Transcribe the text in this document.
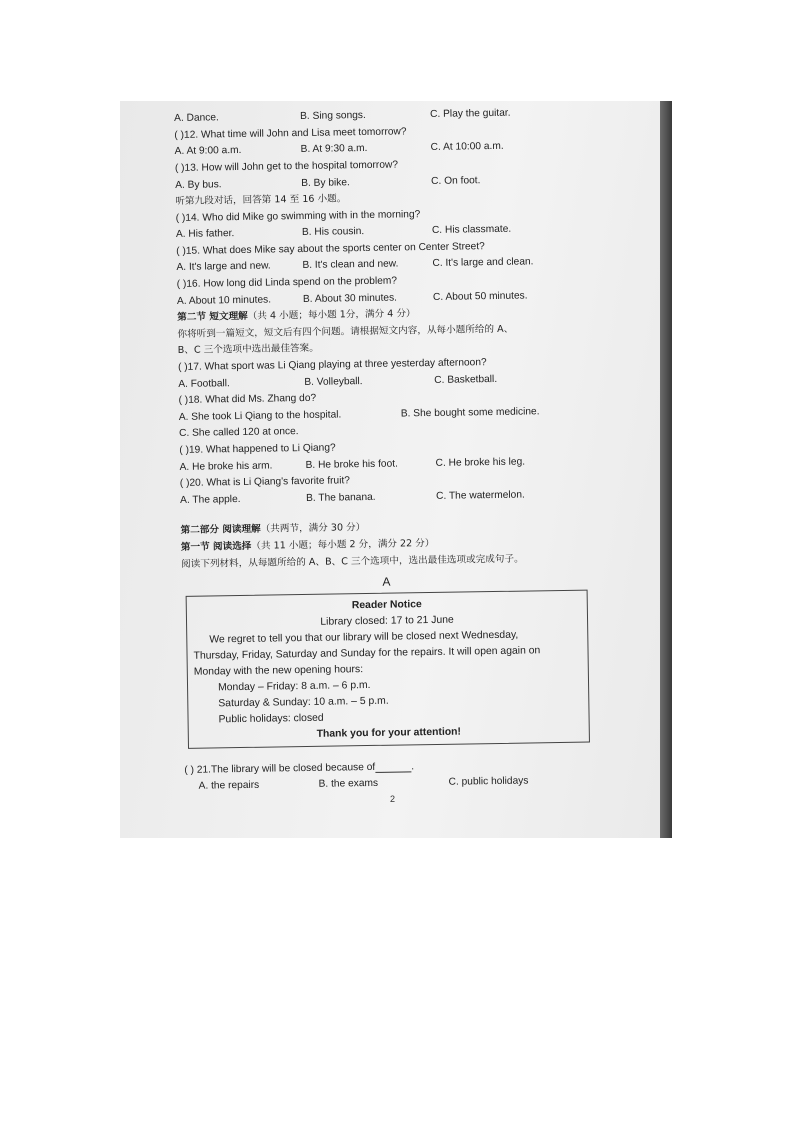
A. Dance.	B. Sing songs.	C. Play the guitar.
( )12. What time will John and Lisa meet tomorrow?
A. At 9:00 a.m.	B. At 9:30 a.m.	C. At 10:00 a.m.
( )13. How will John get to the hospital tomorrow?
A. By bus.	B. By bike.	C. On foot.
听第九段对话，回答第 14 至 16 小题。
( )14. Who did Mike go swimming with in the morning?
A. His father.	B. His cousin.	C. His classmate.
( )15. What does Mike say about the sports center on Center Street?
A. It's large and new.	B. It's clean and new.	C. It's large and clean.
( )16. How long did Linda spend on the problem?
A. About 10 minutes.	B. About 30 minutes.	C. About 50 minutes.
第二节 短文理解 （共 4 小题；每小题 1分，满分 4 分）
你将听到一篇短文，短文后有四个问题。请根据短文内容，从每小题所给的 A、
B、C 三个选项中选出最佳答案。
( )17. What sport was Li Qiang playing at three yesterday afternoon?
A. Football.	B. Volleyball.	C. Basketball.
( )18. What did Ms. Zhang do?
A. She took Li Qiang to the hospital.	B. She bought some medicine.
C. She called 120 at once.
( )19. What happened to Li Qiang?
A. He broke his arm.	B. He broke his foot.	C. He broke his leg.
( )20. What is Li Qiang's favorite fruit?
A. The apple.	B. The banana.	C. The watermelon.
第二部分 阅读理解 （共两节，满分 30 分）
第一节 阅读选择 （共 11 小题；每小题 2 分，满分 22 分）
阅读下列材料，从每题所给的 A、B、C 三个选项中，选出最佳选项或完成句子。
A
Reader Notice
Library closed: 17 to 21 June
We regret to tell you that our library will be closed next Wednesday,
Thursday, Friday, Saturday and Sunday for the repairs. It will open again on
Monday with the new opening hours:
Monday – Friday: 8 a.m. – 6 p.m.
Saturday & Sunday: 10 a.m. – 5 p.m.
Public holidays: closed
Thank you for your attention!
( ) 21.The library will be closed because of	.
A. the repairs	B. the exams	C. public holidays
2
